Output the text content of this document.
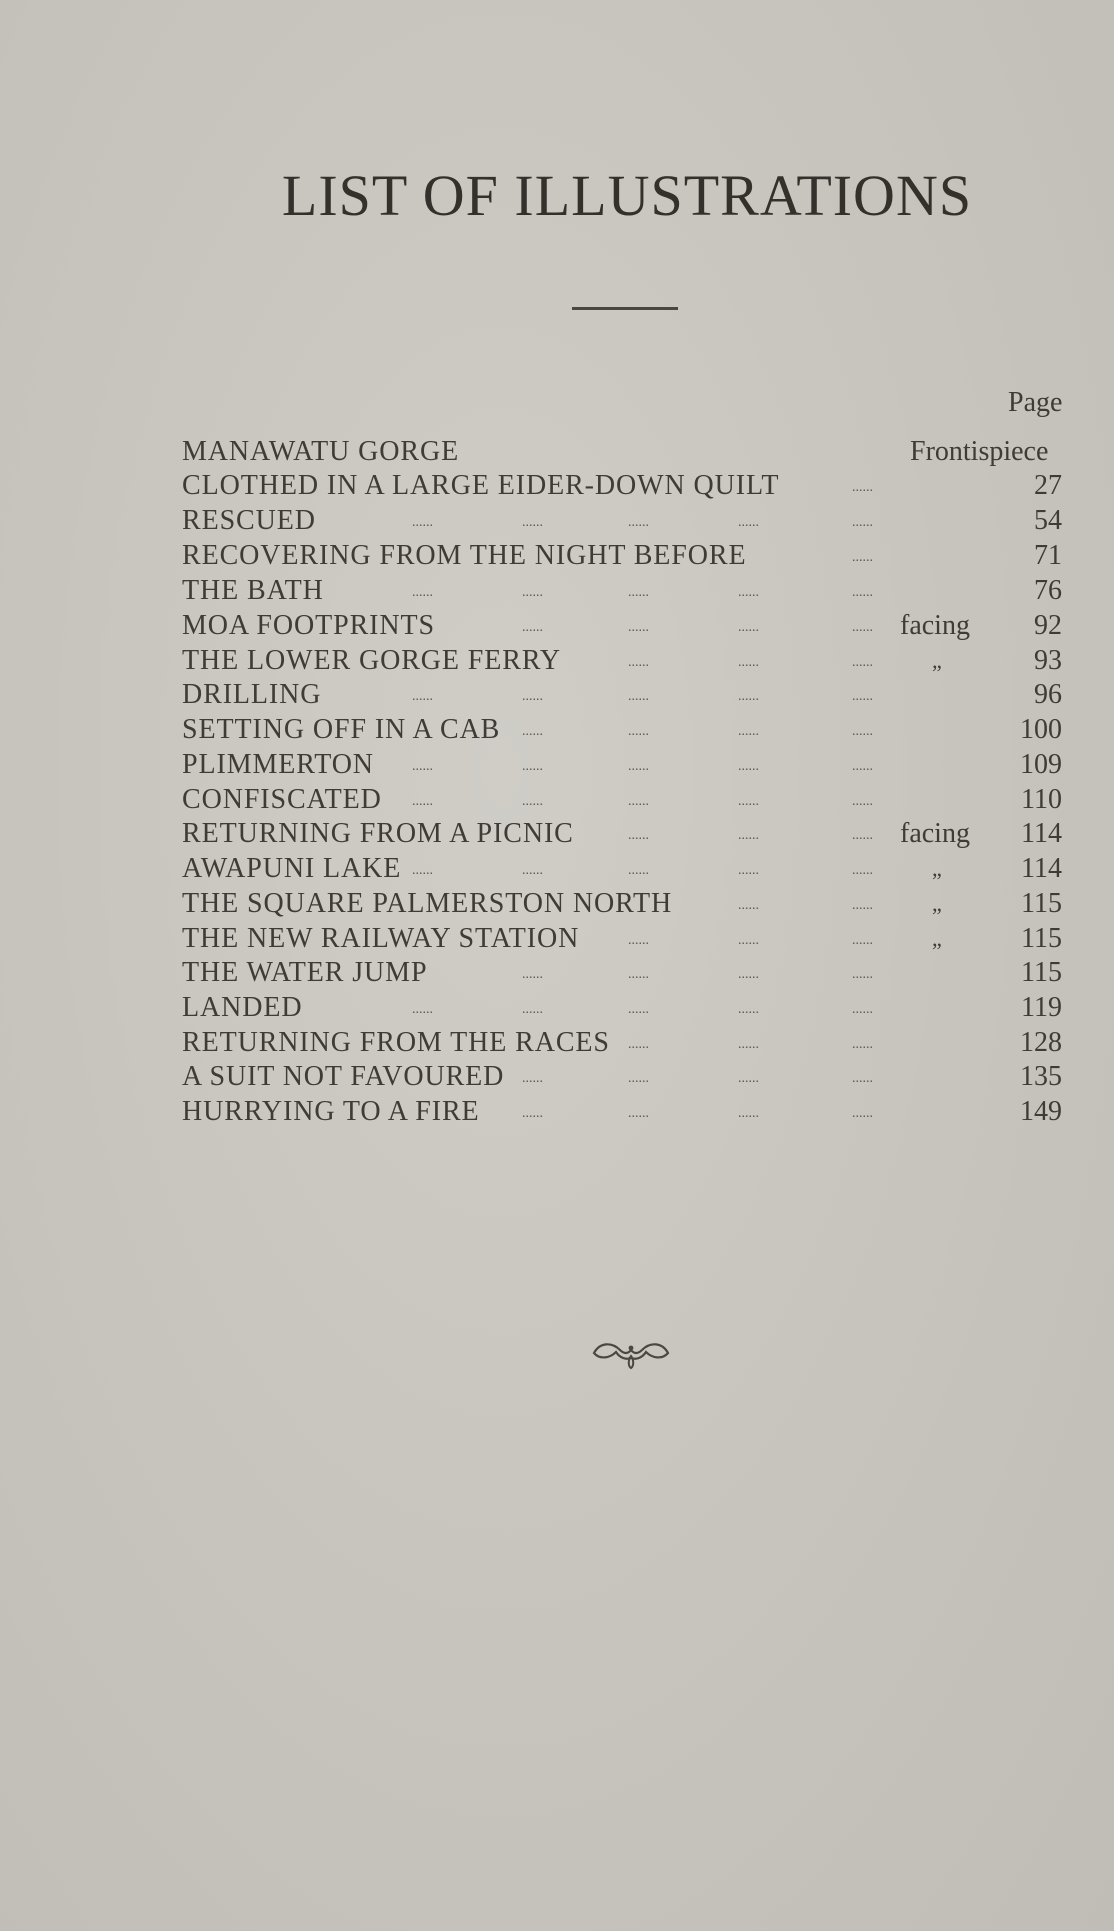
LIST OF ILLUSTRATIONS
Page
MANAWATU GORGE	Frontispiece
CLOTHED IN A LARGE EIDER-DOWN QUILT	......	27
RESCUED	......	......	......	......	......	54
RECOVERING FROM THE NIGHT BEFORE	......	71
THE BATH	......	......	......	......	......	76
MOA FOOTPRINTS	......	......	......	...... facing 92
THE LOWER GORGE FERRY	......	......	......	„	93
DRILLING	......	......	......	......	......	96
SETTING OFF IN A CAB ......	......	......	......	100
PLIMMERTON	......	......	......	......	......	109
CONFISCATED ......	......	......	......	......	110
RETURNING FROM A PICNIC	......	......	...... facing 114
AWAPUNI LAKE ......	......	......	......	......	„	114
THE SQUARE PALMERSTON NORTH	......	......	„	115
THE NEW RAILWAY STATION	......	......	......	„	115
THE WATER JUMP	......	......	......	......	115
LANDED	......	......	......	......	......	119
RETURNING FROM THE RACES ......	......	......	128
A SUIT NOT FAVOURED ......	......	......	......	135
HURRYING TO A FIRE	......	......	......	......	149
